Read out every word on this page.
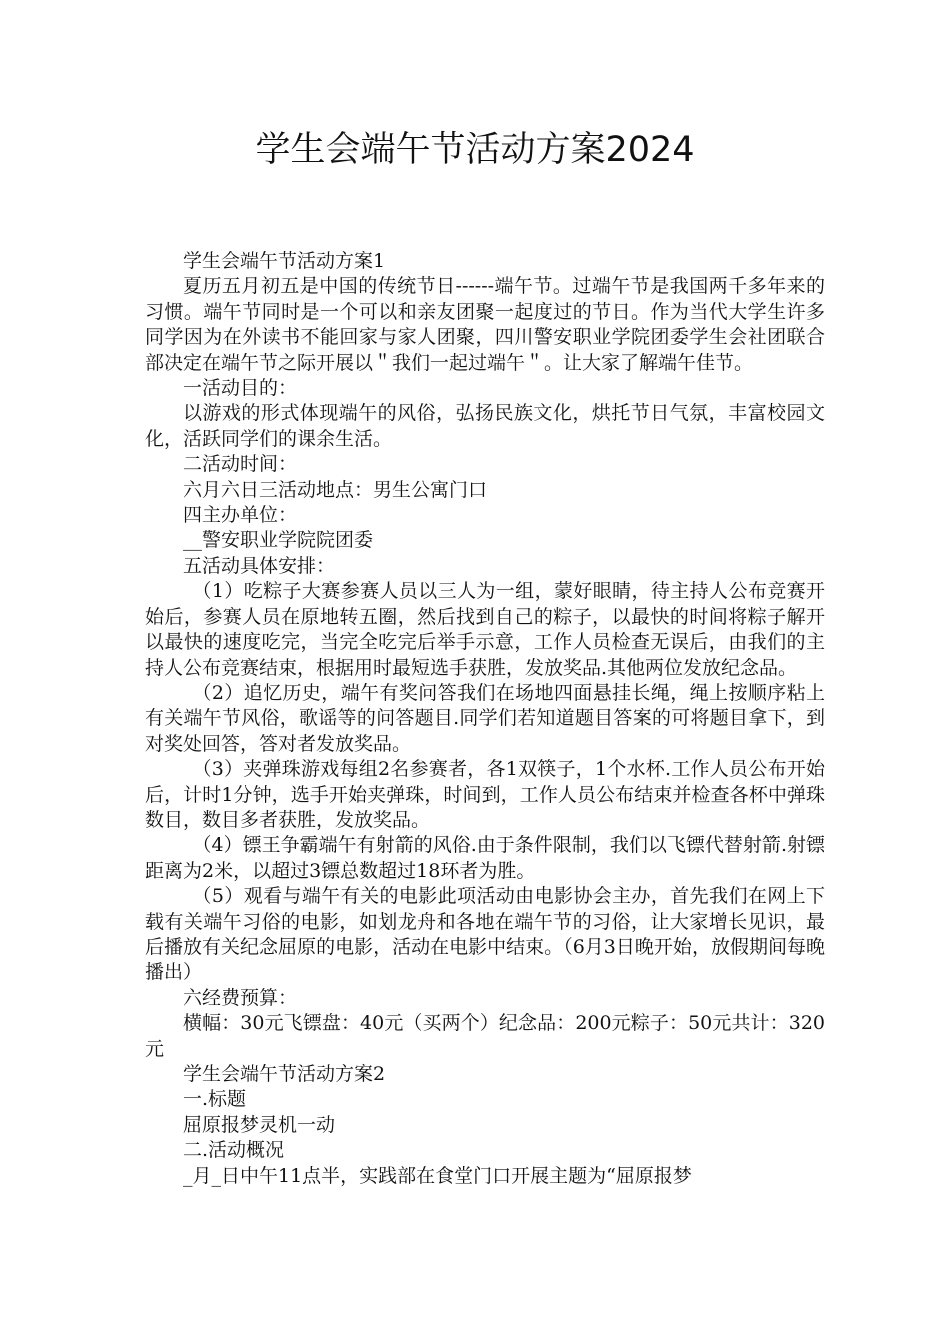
学生会端午节活动方案2024

学生会端午节活动方案1

夏历五月初五是中国的传统节日------端午节。过端午节是我国两千多年来的习惯。端午节同时是一个可以和亲友团聚一起度过的节日。作为当代大学生许多同学因为在外读书不能回家与家人团聚，四川警安职业学院团委学生会社团联合部决定在端午节之际开展以＂我们一起过端午＂。让大家了解端午佳节。

一活动目的：

以游戏的形式体现端午的风俗，弘扬民族文化，烘托节日气氛，丰富校园文化，活跃同学们的课余生活。

二活动时间：

六月六日三活动地点：男生公寓门口

四主办单位：

__警安职业学院院团委

五活动具体安排：

（1）吃粽子大赛参赛人员以三人为一组，蒙好眼睛，待主持人公布竞赛开始后，参赛人员在原地转五圈，然后找到自己的粽子，以最快的时间将粽子解开以最快的速度吃完，当完全吃完后举手示意，工作人员检查无误后，由我们的主持人公布竞赛结束，根据用时最短选手获胜，发放奖品.其他两位发放纪念品。

（2）追忆历史，端午有奖问答我们在场地四面悬挂长绳，绳上按顺序粘上有关端午节风俗，歌谣等的问答题目.同学们若知道题目答案的可将题目拿下，到对奖处回答，答对者发放奖品。

（3）夹弹珠游戏每组2名参赛者，各1双筷子，1个水杯.工作人员公布开始后，计时1分钟，选手开始夹弹珠，时间到，工作人员公布结束并检查各杯中弹珠数目，数目多者获胜，发放奖品。

（4）镖王争霸端午有射箭的风俗.由于条件限制，我们以飞镖代替射箭.射镖距离为2米，以超过3镖总数超过18环者为胜。

（5）观看与端午有关的电影此项活动由电影协会主办，首先我们在网上下载有关端午习俗的电影，如划龙舟和各地在端午节的习俗，让大家增长见识，最后播放有关纪念屈原的电影，活动在电影中结束。（6月3日晚开始，放假期间每晚播出）

六经费预算：

横幅：30元飞镖盘：40元（买两个）纪念品：200元粽子：50元共计：320元

学生会端午节活动方案2

一.标题

屈原报梦灵机一动

二.活动概况

_月_日中午11点半，实践部在食堂门口开展主题为“屈原报梦
